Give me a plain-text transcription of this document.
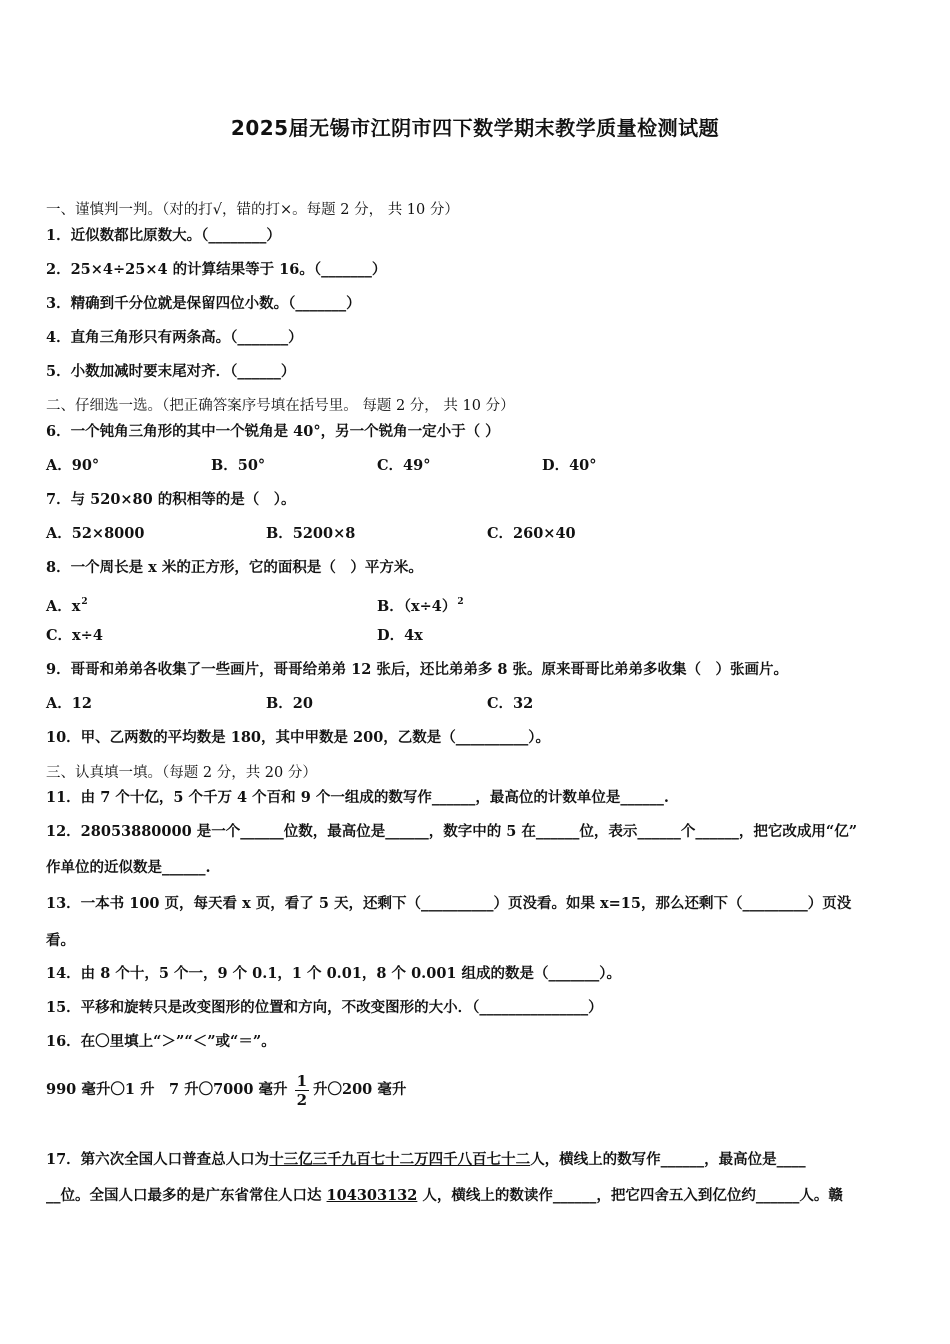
2025届无锡市江阴市四下数学期末教学质量检测试题
一、谨慎判一判。（对的打√，错的打×。每题 2 分， 共 10 分）
1．近似数都比原数大。（________）
2．25×4÷25×4 的计算结果等于 16。（_______）
3．精确到千分位就是保留四位小数。（_______）
4．直角三角形只有两条高。（_______）
5．小数加减时要末尾对齐．（______）
二、仔细选一选。（把正确答案序号填在括号里。 每题 2 分， 共 10 分）
6．一个钝角三角形的其中一个锐角是 40°，另一个锐角一定小于（ ）
A．90°	B．50°	C．49°	D．40°
7．与 520×80 的积相等的是（　）。
A．52×8000	B．5200×8	C．260×40
8．一个周长是 x 米的正方形，它的面积是（　）平方米。
A．$x^2$	B．$(x\div 4)^2$
C．x÷4	D．4x
9．哥哥和弟弟各收集了一些画片，哥哥给弟弟 12 张后，还比弟弟多 8 张。原来哥哥比弟弟多收集（　）张画片。
A．12	B．20	C．32
10．甲、乙两数的平均数是 180，其中甲数是 200，乙数是（__________）。
三、认真填一填。（每题 2 分，共 20 分）
11．由 7 个十亿，5 个千万 4 个百和 9 个一组成的数写作______，最高位的计数单位是______.
12．28053880000 是一个______位数，最高位是______，数字中的 5 在______位，表示______个______，把它改成用“亿”
作单位的近似数是______.
13．一本书 100 页，每天看 x 页，看了 5 天，还剩下（__________）页没看。如果 x=15，那么还剩下（_________）页没
看。
14．由 8 个十，5 个一，9 个 0.1，1 个 0.01，8 个 0.001 组成的数是（_______）。
15．平移和旋转只是改变图形的位置和方向，不改变图形的大小．（_______________）
16．在〇里填上“＞”“＜”或“＝”。
990 毫升〇1 升　7 升〇7000 毫升 $\frac{1}{2}$ 升〇200 毫升
17．第六次全国人口普查总人口为十三亿三千九百七十二万四千八百七十二人，横线上的数写作______，最高位是____
__位。全国人口最多的是广东省常住人口达 104303132 人，横线上的数读作______，把它四舍五入到亿位约______人。赣
